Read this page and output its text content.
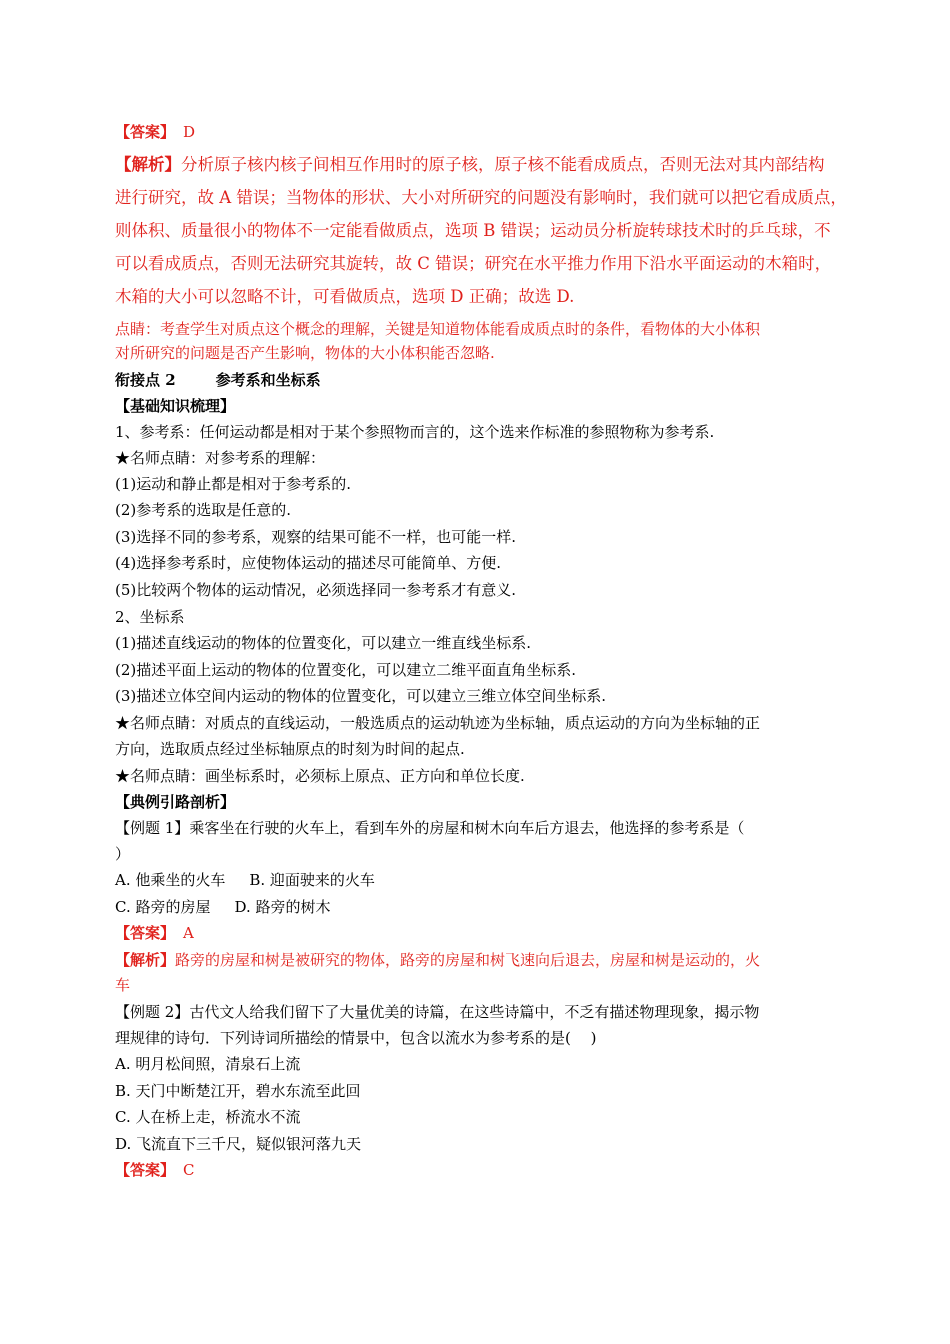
【答案】 D
【解析】分析原子核内核子间相互作用时的原子核，原子核不能看成质点，否则无法对其内部结构
进行研究，故 A 错误；当物体的形状、大小对所研究的问题没有影响时，我们就可以把它看成质点，
则体积、质量很小的物体不一定能看做质点，选项 B 错误；运动员分析旋转球技术时的乒乓球，不
可以看成质点，否则无法研究其旋转，故 C 错误；研究在水平推力作用下沿水平面运动的木箱时，
木箱的大小可以忽略不计，可看做质点，选项 D 正确；故选 D.
点睛：考查学生对质点这个概念的理解，关键是知道物体能看成质点时的条件，看物体的大小体积
对所研究的问题是否产生影响，物体的大小体积能否忽略.
衔接点 2	参考系和坐标系
【基础知识梳理】
1、参考系：任何运动都是相对于某个参照物而言的，这个选来作标准的参照物称为参考系.
★名师点睛：对参考系的理解：
(1)运动和静止都是相对于参考系的.
(2)参考系的选取是任意的.
(3)选择不同的参考系，观察的结果可能不一样，也可能一样.
(4)选择参考系时，应使物体运动的描述尽可能简单、方便.
(5)比较两个物体的运动情况，必须选择同一参考系才有意义.
2、坐标系
(1)描述直线运动的物体的位置变化，可以建立一维直线坐标系.
(2)描述平面上运动的物体的位置变化，可以建立二维平面直角坐标系.
(3)描述立体空间内运动的物体的位置变化，可以建立三维立体空间坐标系.
★名师点睛：对质点的直线运动，一般选质点的运动轨迹为坐标轴，质点运动的方向为坐标轴的正
方向，选取质点经过坐标轴原点的时刻为时间的起点.
★名师点睛：画坐标系时，必须标上原点、正方向和单位长度.
【典例引路剖析】
【例题 1】乘客坐在行驶的火车上，看到车外的房屋和树木向车后方退去，他选择的参考系是（
）
A. 他乘坐的火车 B. 迎面驶来的火车
C. 路旁的房屋 D. 路旁的树木
【答案】 A
【解析】路旁的房屋和树是被研究的物体，路旁的房屋和树飞速向后退去，房屋和树是运动的，火
车
【例题 2】古代文人给我们留下了大量优美的诗篇，在这些诗篇中，不乏有描述物理现象，揭示物
理规律的诗句．下列诗词所描绘的情景中，包含以流水为参考系的是(　 )
A. 明月松间照，清泉石上流
B. 天门中断楚江开，碧水东流至此回
C. 人在桥上走，桥流水不流
D. 飞流直下三千尺，疑似银河落九天
【答案】 C
